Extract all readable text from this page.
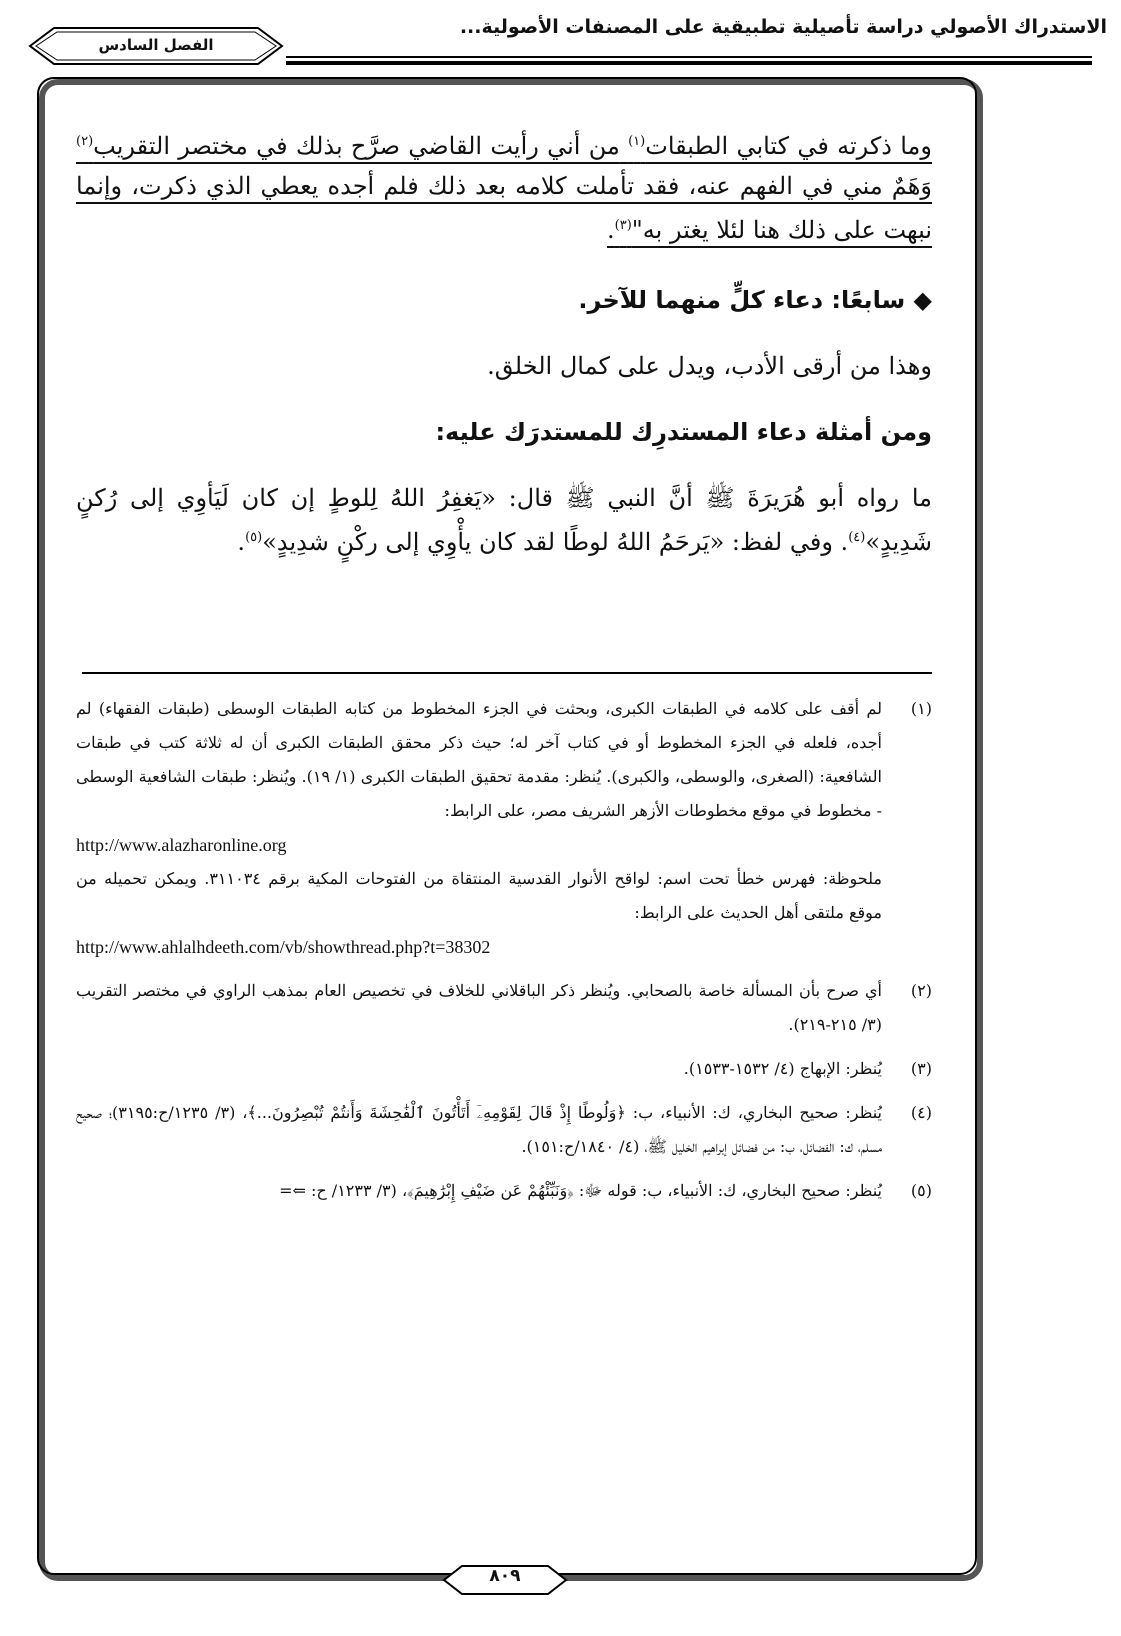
الاستدراك الأصولي دراسة تأصيلية تطبيقية على المصنفات الأصولية...
الفصل السادس

وما ذكرته في كتابي الطبقات$^{(١)}$ من أني رأيت القاضي صرَّح بذلك في مختصر التقريب$^{(٢)}$ وَهَمٌ مني في الفهم عنه، فقد تأملت كلامه بعد ذلك فلم أجده يعطي الذي ذكرت، وإنما نبهت على ذلك هنا لئلا يغتر به"$^{(٣)}$.

◆ سابعًا: دعاء كلٍّ منهما للآخر.

وهذا من أرقى الأدب، ويدل على كمال الخلق.

ومن أمثلة دعاء المستدرِك للمستدرَك عليه:

ما رواه أبو هُرَيرَةَ ﷺ أنَّ النبي ﷺ قال: «يَغفِرُ اللهُ لِلوطٍ إن كان لَيَأوِي إلى رُكنٍ شَدِيدٍ»$^{(٤)}$. وفي لفظ: «يَرحَمُ اللهُ لوطًا لقد كان يأْوِي إلى ركْنٍ شدِيدٍ»$^{(٥)}$.

(١)
لم أقف على كلامه في الطبقات الكبرى، وبحثت في الجزء المخطوط من كتابه الطبقات الوسطى (طبقات الفقهاء) لم أجده، فلعله في الجزء المخطوط أو في كتاب آخر له؛ حيث ذكر محقق الطبقات الكبرى أن له ثلاثة كتب في طبقات الشافعية: (الصغرى، والوسطى، والكبرى). يُنظر: مقدمة تحقيق الطبقات الكبرى (١/ ١٩). ويُنظر: طبقات الشافعية الوسطى - مخطوط في موقع مخطوطات الأزهر الشريف مصر، على الرابط:
http://www.alazharonline.org
ملحوظة: فهرس خطأ تحت اسم: لواقح الأنوار القدسية المنتقاة من الفتوحات المكية برقم ٣١١٠٣٤. ويمكن تحميله من موقع ملتقى أهل الحديث على الرابط:
http://www.ahlalhdeeth.com/vb/showthread.php?t=38302
(٢)
أي صرح بأن المسألة خاصة بالصحابي. ويُنظر ذكر الباقلاني للخلاف في تخصيص العام بمذهب الراوي في مختصر التقريب (٣/ ٢١٥-٢١٩).
(٣)
يُنظر: الإبهاج (٤/ ١٥٣٢-١٥٣٣).
(٤)
يُنظر: صحيح البخاري، ك: الأنبياء، ب: ﴿وَلُوطًا إِذْ قَالَ لِقَوْمِهِۦٓ أَتَأْتُونَ ٱلْفَٰحِشَةَ وَأَنتُمْ تُبْصِرُونَ...﴾، (٣/ ١٢٣٥/ح:٣١٩٥)؛ صحيح مسلم، ك: الفضائل، ب: من فضائل إبراهيم الخليل ﷺ، (٤/ ١٨٤٠/ح:١٥١).
(٥)
يُنظر: صحيح البخاري، ك: الأنبياء، ب: قوله ﷻ: ﴿وَنَبِّئْهُمْ عَن ضَيْفِ إِبْرَٰهِيمَ﴾، (٣/ ١٢٣٣/ ح: ⇐=
٨٠٩
